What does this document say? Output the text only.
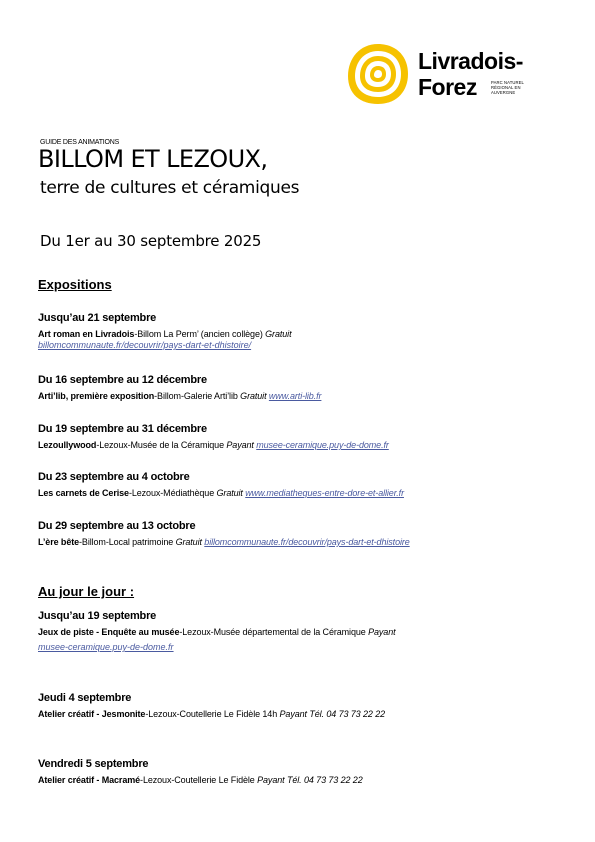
Livradois-
Forez	PARC NATUREL RÉGIONAL EN AUVERGNE
GUIDE DES ANIMATIONS
BILLOM ET LEZOUX,
terre de cultures et céramiques
Du 1er au 30 septembre 2025
Expositions
Jusqu’au 21 septembre
Art roman en Livradois-Billom La Perm’ (ancien collège) Gratuit
billomcommunaute.fr/decouvrir/pays-dart-et-dhistoire/
Du 16 septembre au 12 décembre
Arti’lib, première exposition-Billom-Galerie Arti’lib Gratuit www.arti-lib.fr
Du 19 septembre au 31 décembre
Lezoullywood-Lezoux-Musée de la Céramique Payant musee-ceramique.puy-de-dome.fr
Du 23 septembre au 4 octobre
Les carnets de Cerise-Lezoux-Médiathèque Gratuit www.mediatheques-entre-dore-et-allier.fr
Du 29 septembre au 13 octobre
L’ère bête-Billom-Local patrimoine Gratuit billomcommunaute.fr/decouvrir/pays-dart-et-dhistoire
Au jour le jour :
Jusqu’au 19 septembre
Jeux de piste - Enquête au musée-Lezoux-Musée départemental de la Céramique Payant
musee-ceramique.puy-de-dome.fr
Jeudi 4 septembre
Atelier créatif - Jesmonite-Lezoux-Coutellerie Le Fidèle 14h Payant Tél. 04 73 73 22 22
Vendredi 5 septembre
Atelier créatif - Macramé-Lezoux-Coutellerie Le Fidèle Payant Tél. 04 73 73 22 22
